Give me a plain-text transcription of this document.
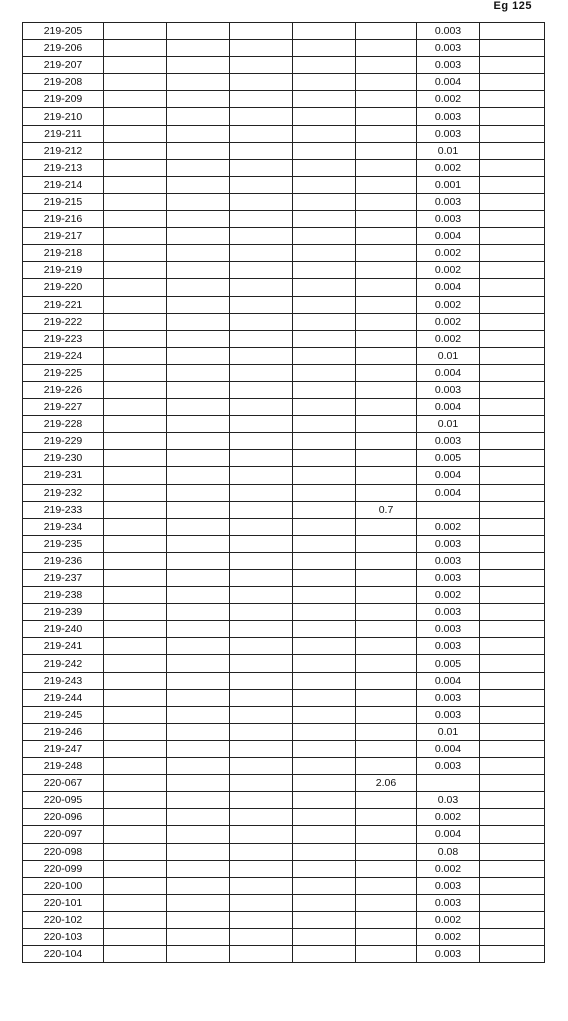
Eg 125
219-205						0.003	
219-206						0.003	
219-207						0.003	
219-208						0.004	
219-209						0.002	
219-210						0.003	
219-211						0.003	
219-212						0.01	
219-213						0.002	
219-214						0.001	
219-215						0.003	
219-216						0.003	
219-217						0.004	
219-218						0.002	
219-219						0.002	
219-220						0.004	
219-221						0.002	
219-222						0.002	
219-223						0.002	
219-224						0.01	
219-225						0.004	
219-226						0.003	
219-227						0.004	
219-228						0.01	
219-229						0.003	
219-230						0.005	
219-231						0.004	
219-232						0.004	
219-233					0.7		
219-234						0.002	
219-235						0.003	
219-236						0.003	
219-237						0.003	
219-238						0.002	
219-239						0.003	
219-240						0.003	
219-241						0.003	
219-242						0.005	
219-243						0.004	
219-244						0.003	
219-245						0.003	
219-246						0.01	
219-247						0.004	
219-248						0.003	
220-067					2.06		
220-095						0.03	
220-096						0.002	
220-097						0.004	
220-098						0.08	
220-099						0.002	
220-100						0.003	
220-101						0.003	
220-102						0.002	
220-103						0.002	
220-104						0.003	
